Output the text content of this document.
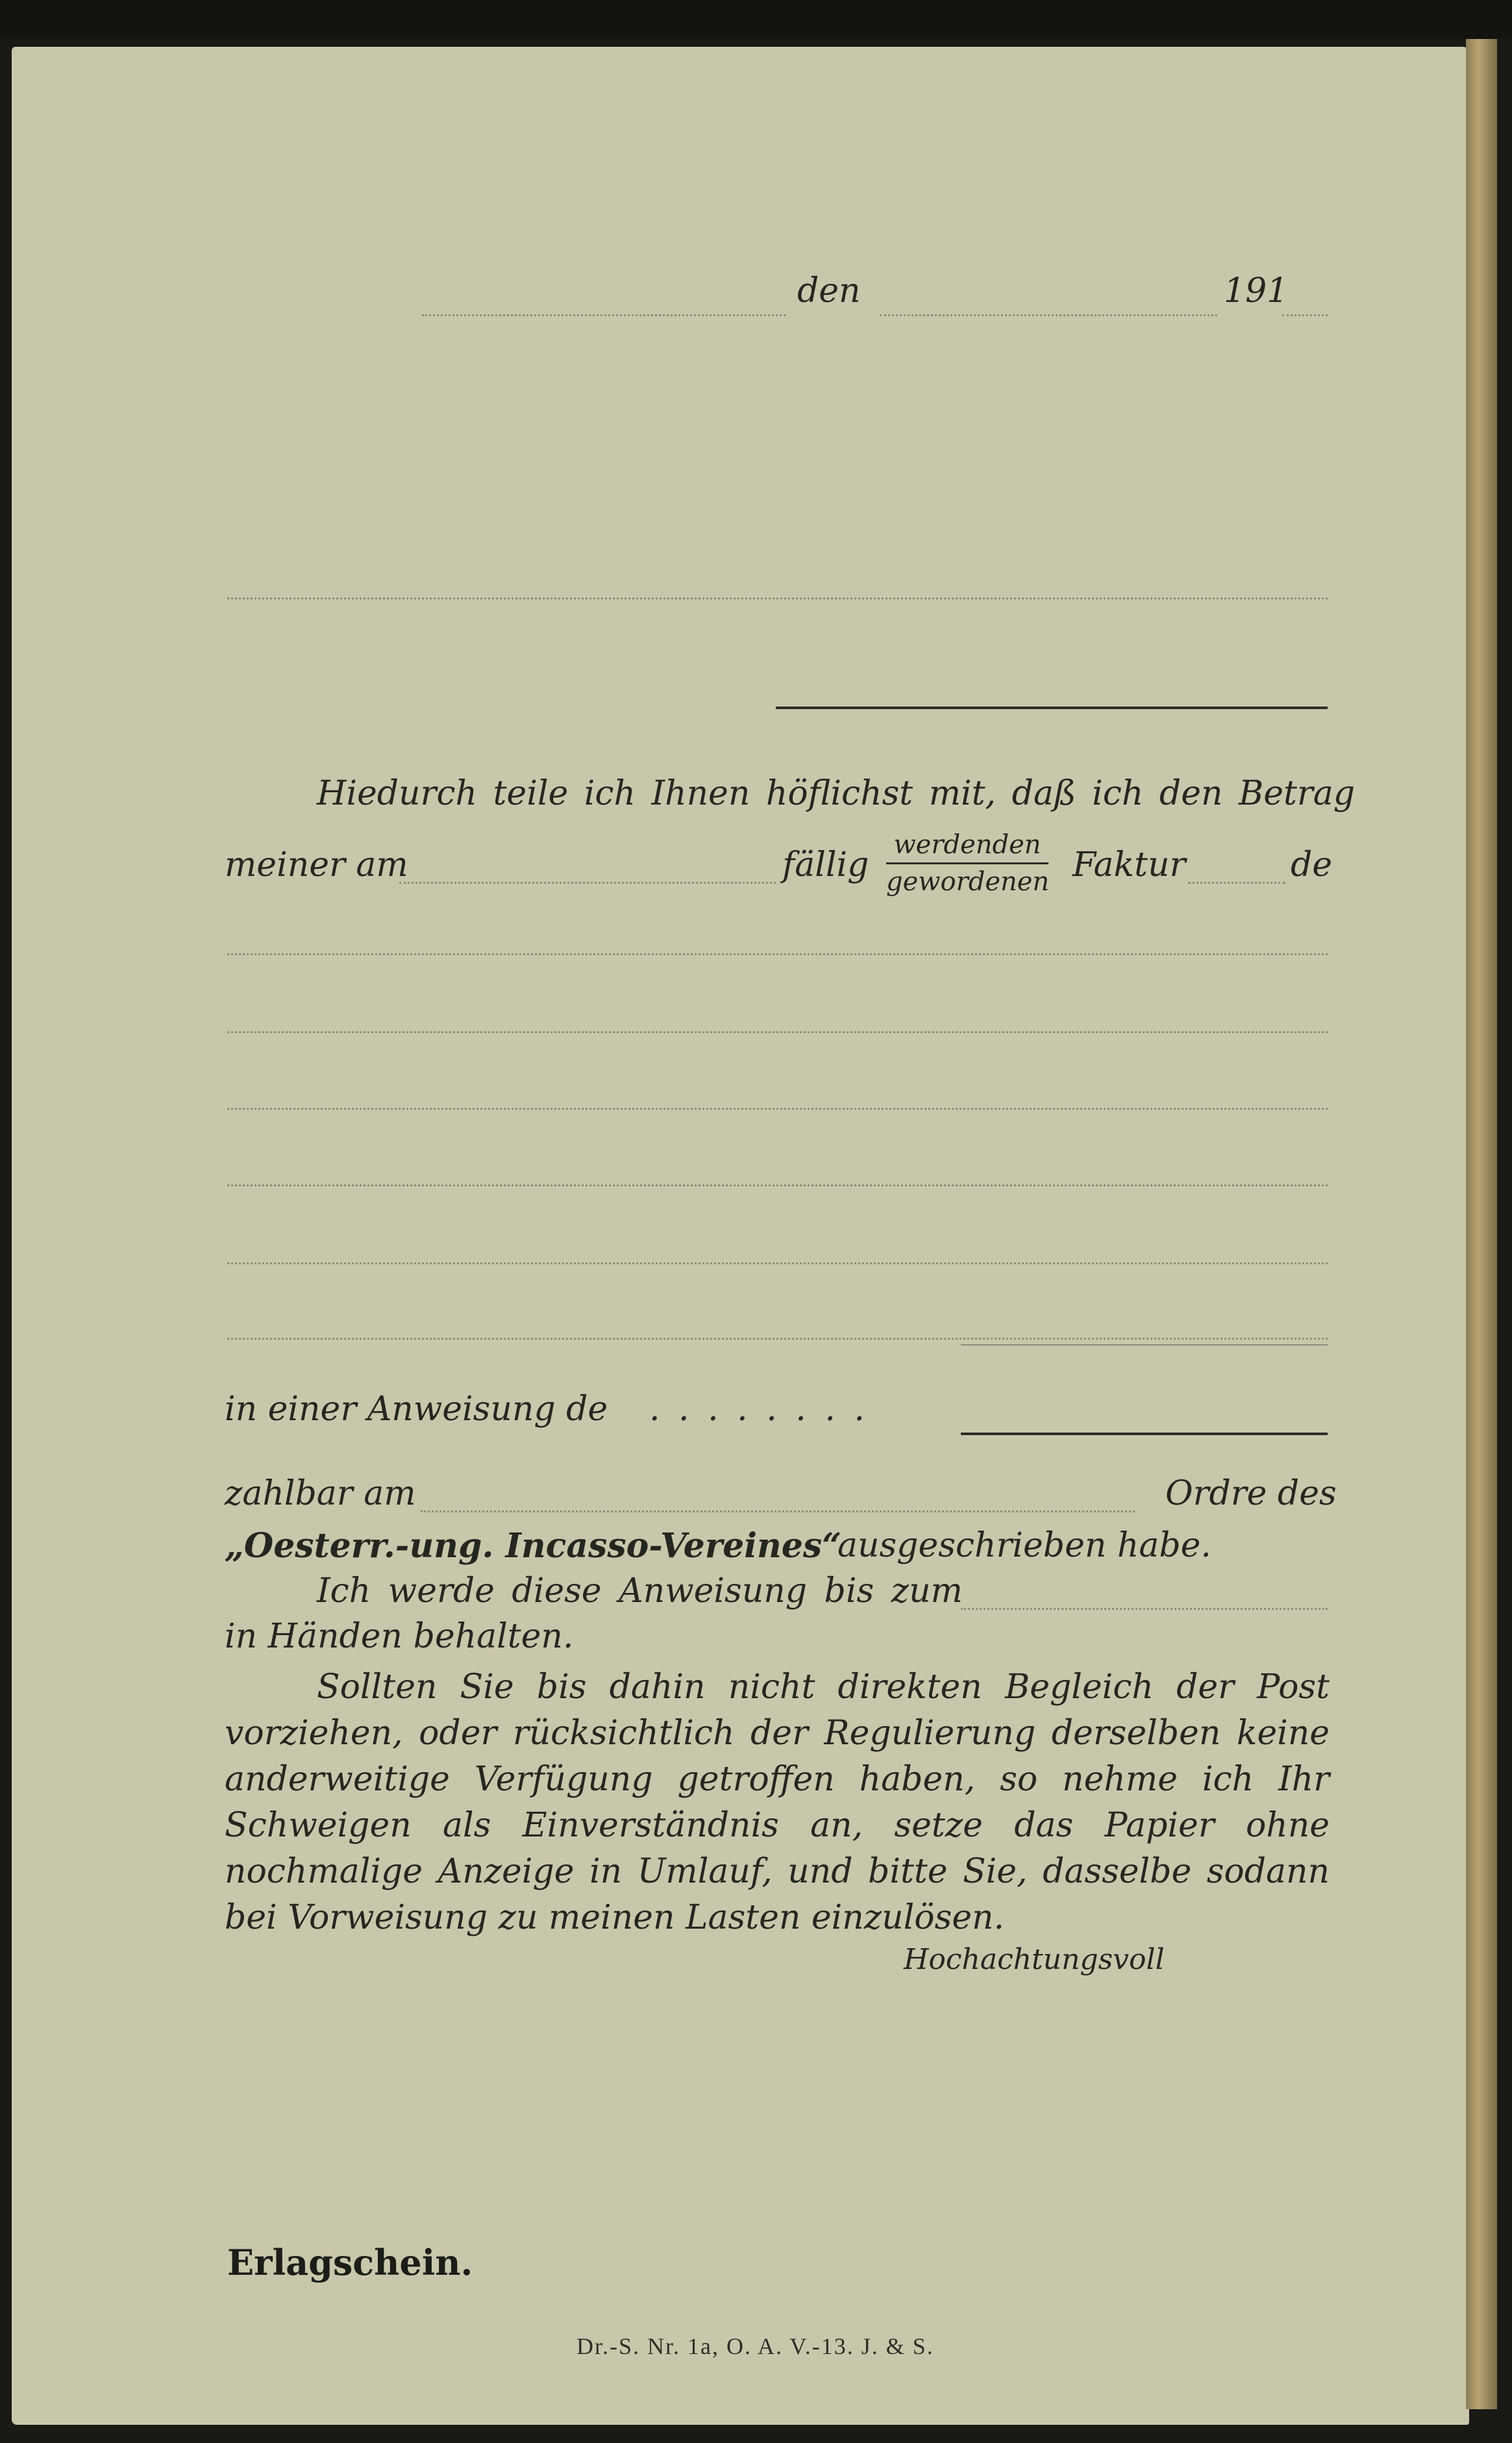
den	191
Hiedurch teile ich Ihnen höflichst mit, daß ich den Betrag
meiner am	fällig
werdenden
gewordenen Faktur	de
in einer Anweisung de . . . . . . . .
zahlbar am	Ordre des
„Oesterr.-ung. Incasso-Vereines“
ausgeschrieben habe.
Ich werde diese Anweisung bis zum
in Händen behalten.
Sollten Sie bis dahin nicht direkten Begleich der Post vorziehen, oder rücksichtlich der Regulierung derselben keine anderweitige Verfügung getroffen haben, so nehme ich Ihr Schweigen als Einverständnis an, setze das Papier ohne nochmalige Anzeige in Umlauf, und bitte Sie, dasselbe sodann bei Vorweisung zu meinen Lasten einzulösen.
Hochachtungsvoll
Erlagschein.
Dr.-S. Nr. 1a, O. A. V.-13. J. & S.
